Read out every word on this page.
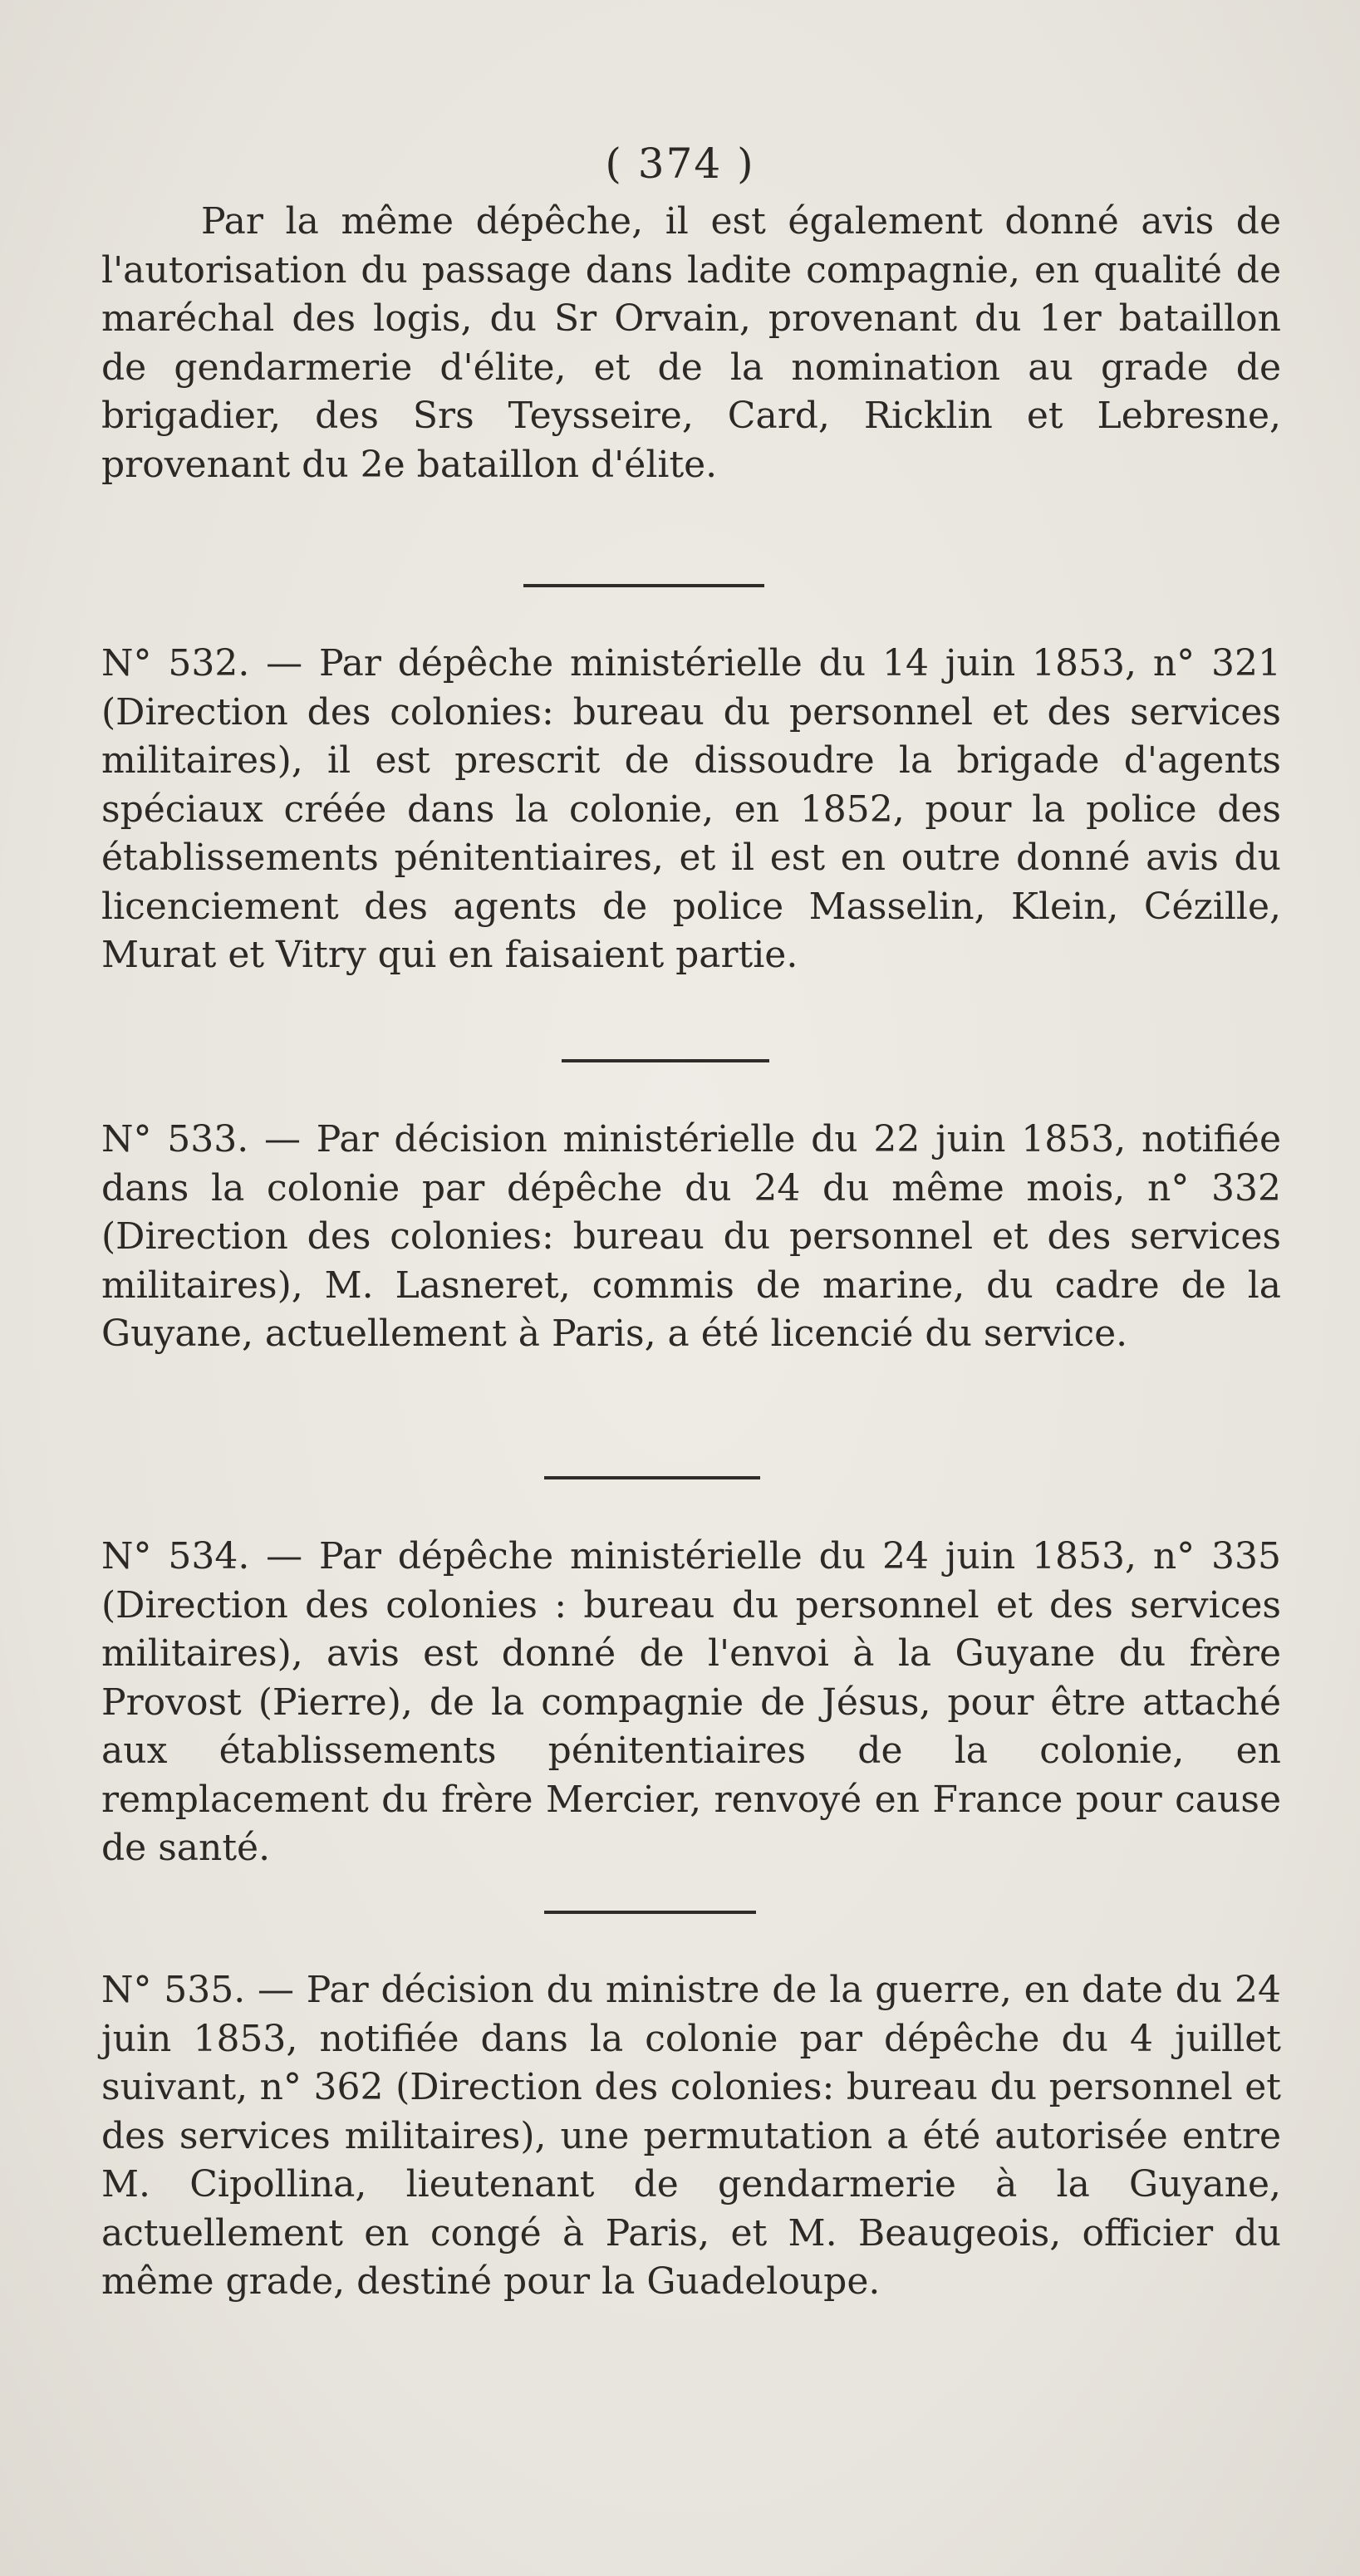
( 374 )

Par la même dépêche, il est également donné avis de l'autorisation du passage dans ladite compagnie, en qualité de maréchal des logis, du Sr Orvain, provenant du 1er bataillon de gendarmerie d'élite, et de la nomination au grade de brigadier, des Srs Teysseire, Card, Ricklin et Lebresne, provenant du 2e bataillon d'élite.

N° 532. — Par dépêche ministérielle du 14 juin 1853, n° 321 (Direction des colonies: bureau du personnel et des services militaires), il est prescrit de dissoudre la brigade d'agents spéciaux créée dans la colonie, en 1852, pour la police des établissements pénitentiaires, et il est en outre donné avis du licenciement des agents de police Masselin, Klein, Cézille, Murat et Vitry qui en faisaient partie.

N° 533. — Par décision ministérielle du 22 juin 1853, notifiée dans la colonie par dépêche du 24 du même mois, n° 332 (Direction des colonies: bureau du personnel et des services militaires), M. Lasneret, commis de marine, du cadre de la Guyane, actuellement à Paris, a été licencié du service.

N° 534. — Par dépêche ministérielle du 24 juin 1853, n° 335 (Direction des colonies : bureau du personnel et des services militaires), avis est donné de l'envoi à la Guyane du frère Provost (Pierre), de la compagnie de Jésus, pour être attaché aux établissements pénitentiaires de la colonie, en remplacement du frère Mercier, renvoyé en France pour cause de santé.

N° 535. — Par décision du ministre de la guerre, en date du 24 juin 1853, notifiée dans la colonie par dépêche du 4 juillet suivant, n° 362 (Direction des colonies: bureau du personnel et des services militaires), une permutation a été autorisée entre M. Cipollina, lieutenant de gendarmerie à la Guyane, actuellement en congé à Paris, et M. Beaugeois, officier du même grade, destiné pour la Guadeloupe.
